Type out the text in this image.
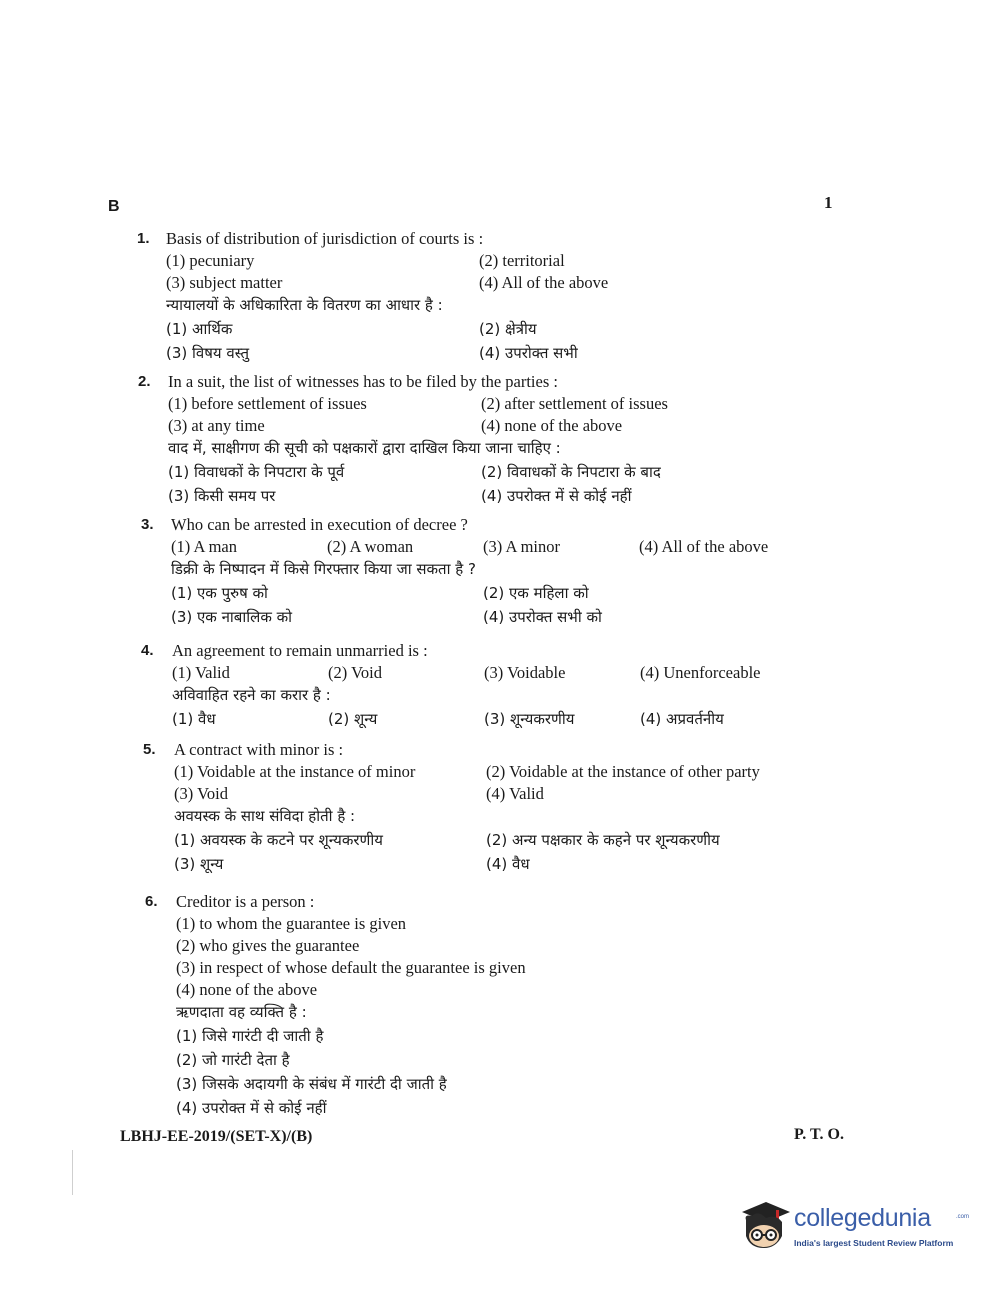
B	1
1. Basis of distribution of jurisdiction of courts is :
(1) pecuniary	(2) territorial
(3) subject matter	(4) All of the above
न्यायालयों के अधिकारिता के वितरण का आधार है :
(1) आर्थिक	(2) क्षेत्रीय
(3) विषय वस्तु	(4) उपरोक्त सभी
2. In a suit, the list of witnesses has to be filed by the parties :
(1) before settlement of issues	(2) after settlement of issues
(3) at any time	(4) none of the above
वाद में, साक्षीगण की सूची को पक्षकारों द्वारा दाखिल किया जाना चाहिए :
(1) विवाधकों के निपटारा के पूर्व	(2) विवाधकों के निपटारा के बाद
(3) किसी समय पर	(4) उपरोक्त में से कोई नहीं
3. Who can be arrested in execution of decree ?
(1) A man	(2) A woman	(3) A minor	(4) All of the above
डिक्री के निष्पादन में किसे गिरफ्तार किया जा सकता है ?
(1) एक पुरुष को	(2) एक महिला को
(3) एक नाबालिक को	(4) उपरोक्त सभी को
4. An agreement to remain unmarried is :
(1) Valid	(2) Void	(3) Voidable	(4) Unenforceable
अविवाहित रहने का करार है :
(1) वैध	(2) शून्य	(3) शून्यकरणीय	(4) अप्रवर्तनीय
5. A contract with minor is :
(1) Voidable at the instance of minor	(2) Voidable at the instance of other party
(3) Void	(4) Valid
अवयस्क के साथ संविदा होती है :
(1) अवयस्क के कटने पर शून्यकरणीय	(2) अन्य पक्षकार के कहने पर शून्यकरणीय
(3) शून्य	(4) वैध
6. Creditor is a person :
(1) to whom the guarantee is given
(2) who gives the guarantee
(3) in respect of whose default the guarantee is given
(4) none of the above
ऋणदाता वह व्यक्ति है :
(1) जिसे गारंटी दी जाती है
(2) जो गारंटी देता है
(3) जिसके अदायगी के संबंध में गारंटी दी जाती है
(4) उपरोक्त में से कोई नहीं
LBHJ-EE-2019/(SET-X)/(B)	P. T. O.
collegedunia	.com
India's largest Student Review Platform
